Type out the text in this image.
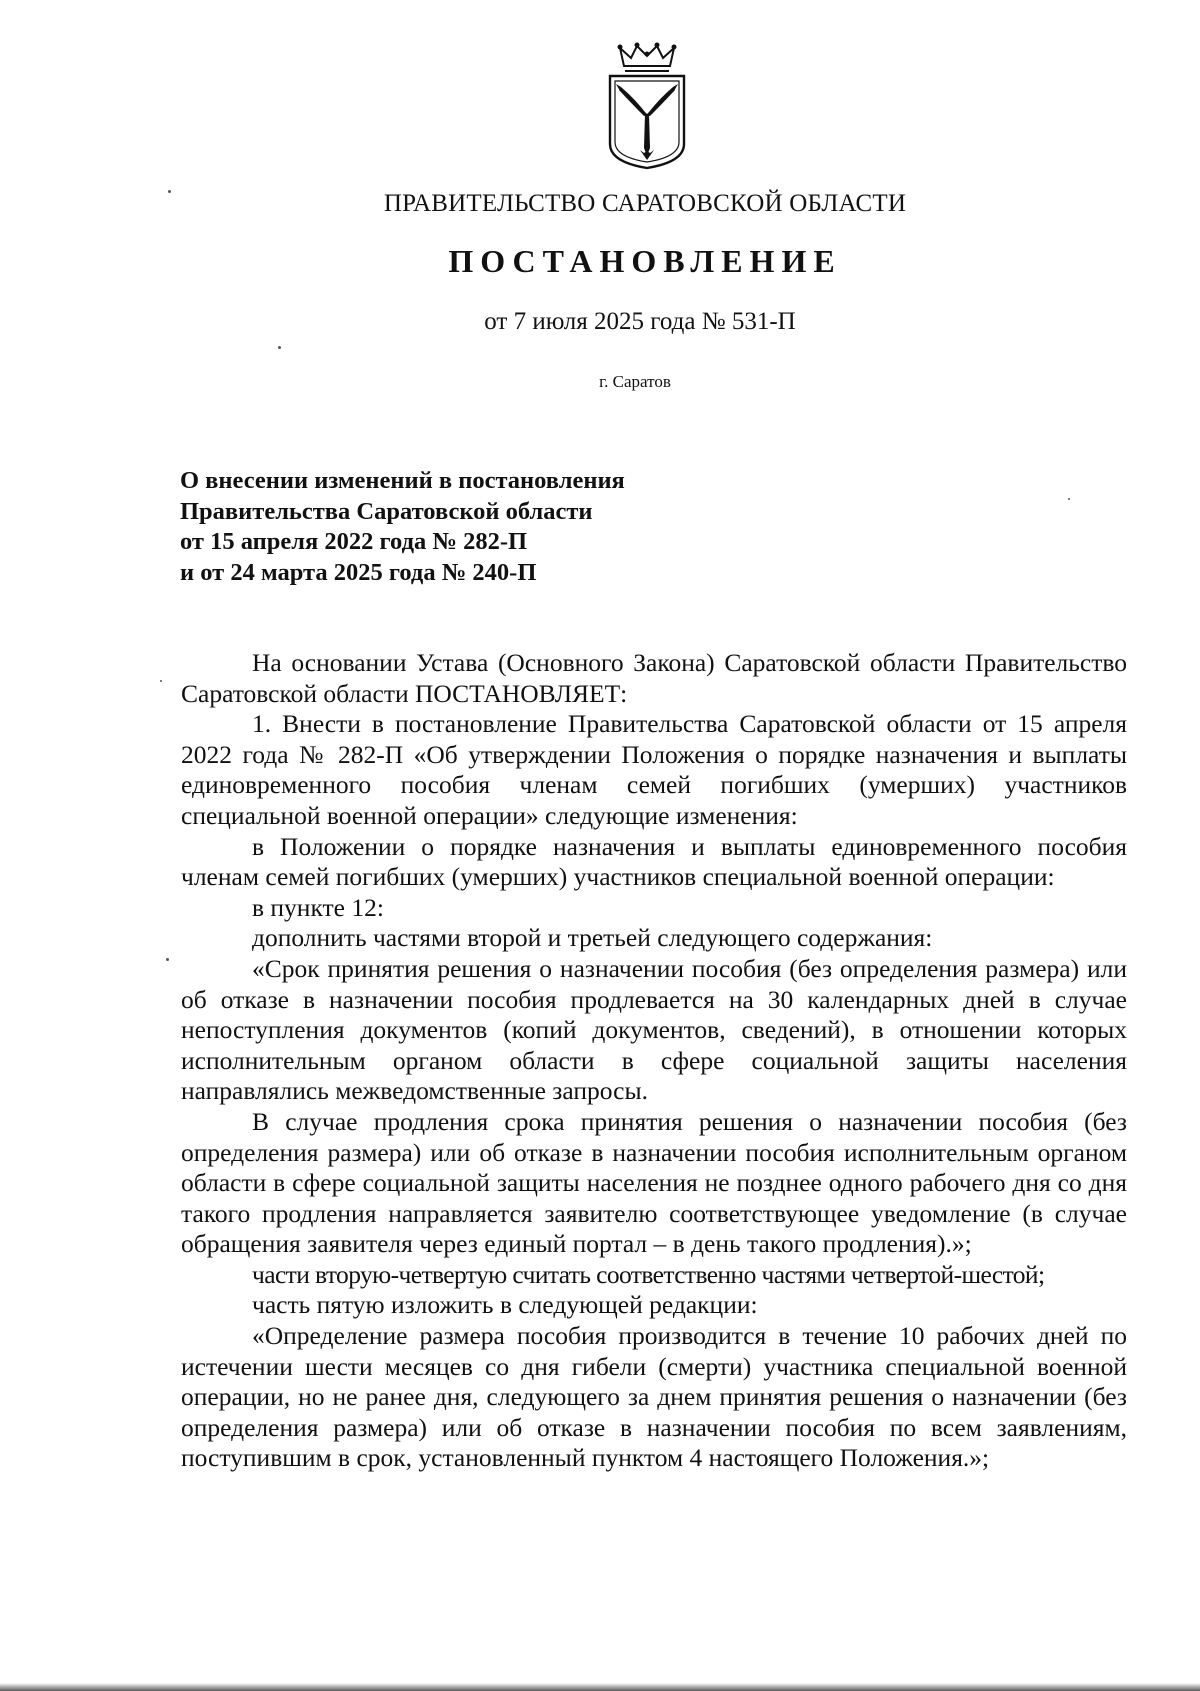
ПРАВИТЕЛЬСТВО САРАТОВСКОЙ ОБЛАСТИ
ПОСТАНОВЛЕНИЕ
от 7 июля 2025 года № 531-П
г. Саратов
О внесении изменений в постановления
Правительства Саратовской области
от 15 апреля 2022 года № 282-П
и от 24 марта 2025 года № 240-П

На основании Устава (Основного Закона) Саратовской области Правительство Саратовской области ПОСТАНОВЛЯЕТ:

1. Внести в постановление Правительства Саратовской области от 15 апреля 2022 года № 282-П «Об утверждении Положения о порядке назначения и выплаты единовременного пособия членам семей погибших (умерших) участников специальной военной операции» следующие изменения:

в Положении о порядке назначения и выплаты единовременного пособия членам семей погибших (умерших) участников специальной военной операции:

в пункте 12:

дополнить частями второй и третьей следующего содержания:

«Срок принятия решения о назначении пособия (без определения размера) или об отказе в назначении пособия продлевается на 30 календарных дней в случае непоступления документов (копий документов, сведений), в отношении которых исполнительным органом области в сфере социальной защиты населения направлялись межведомственные запросы.

В случае продления срока принятия решения о назначении пособия (без определения размера) или об отказе в назначении пособия исполнительным органом области в сфере социальной защиты населения не позднее одного рабочего дня со дня такого продления направляется заявителю соответствующее уведомление (в случае обращения заявителя через единый портал – в день такого продления).»;

части вторую-четвертую считать соответственно частями четвертой-шестой;

часть пятую изложить в следующей редакции:

«Определение размера пособия производится в течение 10 рабочих дней по истечении шести месяцев со дня гибели (смерти) участника специальной военной операции, но не ранее дня, следующего за днем принятия решения о назначении (без определения размера) или об отказе в назначении пособия по всем заявлениям, поступившим в срок, установленный пунктом 4 настоящего Положения.»;
